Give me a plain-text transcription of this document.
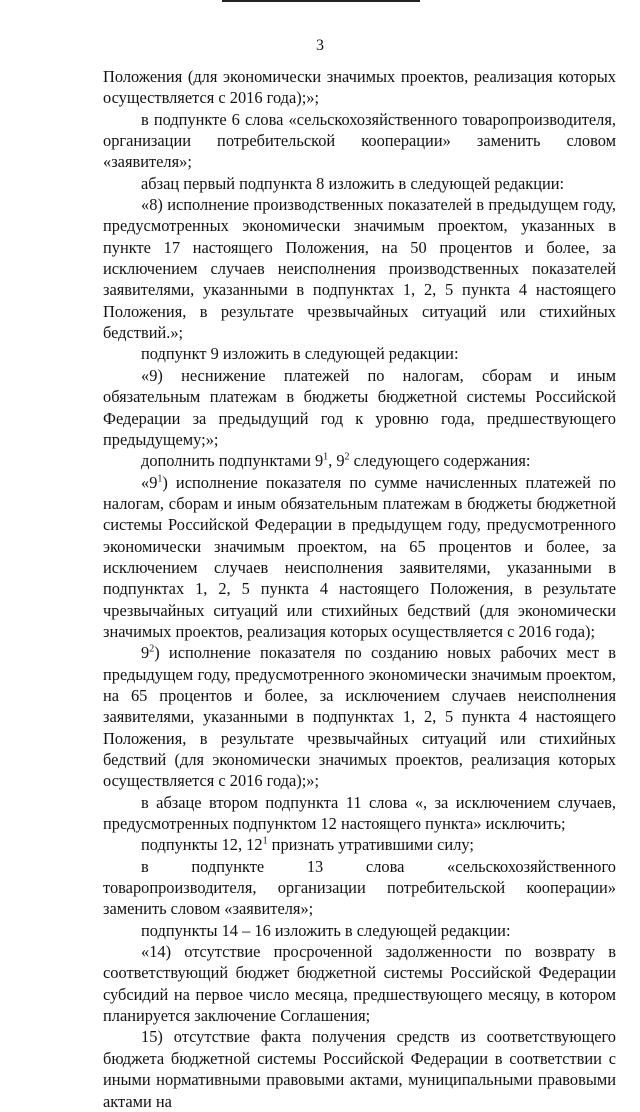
3

Положения (для экономически значимых проектов, реализация которых осуществляется с 2016 года);»;

в подпункте 6 слова «сельскохозяйственного товаропроизводителя, организации потребительской кооперации» заменить словом «заявителя»;

абзац первый подпункта 8 изложить в следующей редакции:

«8) исполнение производственных показателей в предыдущем году, предусмотренных экономически значимым проектом, указанных в пункте 17 настоящего Положения, на 50 процентов и более, за исключением случаев неисполнения производственных показателей заявителями, указанными в подпунктах 1, 2, 5 пункта 4 настоящего Положения, в результате чрезвычайных ситуаций или стихийных бедствий.»;

подпункт 9 изложить в следующей редакции:

«9) неснижение платежей по налогам, сборам и иным обязательным платежам в бюджеты бюджетной системы Российской Федерации за предыдущий год к уровню года, предшествующего предыдущему;»;

дополнить подпунктами $9^1$, $9^2$ следующего содержания:

«$9^1$) исполнение показателя по сумме начисленных платежей по налогам, сборам и иным обязательным платежам в бюджеты бюджетной системы Российской Федерации в предыдущем году, предусмотренного экономически значимым проектом, на 65 процентов и более, за исключением случаев неисполнения заявителями, указанными в подпунктах 1, 2, 5 пункта 4 настоящего Положения, в результате чрезвычайных ситуаций или стихийных бедствий (для экономически значимых проектов, реализация которых осуществляется с 2016 года);

$9^2$) исполнение показателя по созданию новых рабочих мест в предыдущем году, предусмотренного экономически значимым проектом, на 65 процентов и более, за исключением случаев неисполнения заявителями, указанными в подпунктах 1, 2, 5 пункта 4 настоящего Положения, в результате чрезвычайных ситуаций или стихийных бедствий (для экономически значимых проектов, реализация которых осуществляется с 2016 года);»;

в абзаце втором подпункта 11 слова «, за исключением случаев, предусмотренных подпунктом 12 настоящего пункта» исключить;

подпункты 12, $12^1$ признать утратившими силу;

в подпункте 13 слова «сельскохозяйственного товаропроизводителя, организации потребительской кооперации» заменить словом «заявителя»;

подпункты 14 – 16 изложить в следующей редакции:

«14) отсутствие просроченной задолженности по возврату в соответствующий бюджет бюджетной системы Российской Федерации субсидий на первое число месяца, предшествующего месяцу, в котором планируется заключение Соглашения;

15) отсутствие факта получения средств из соответствующего бюджета бюджетной системы Российской Федерации в соответствии с иными нормативными правовыми актами, муниципальными правовыми актами на
